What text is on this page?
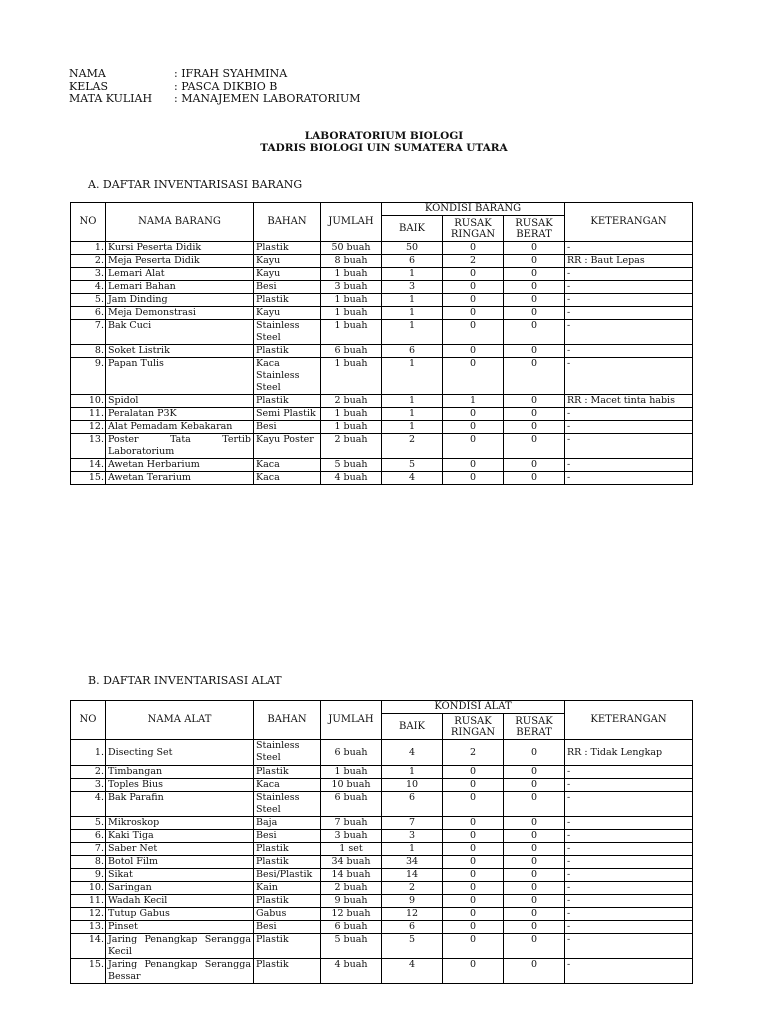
NAMA	: IFRAH SYAHMINA
KELAS	: PASCA DIKBIO B
MATA KULIAH	: MANAJEMEN LABORATORIUM
LABORATORIUM BIOLOGI
TADRIS BIOLOGI UIN SUMATERA UTARA
A. DAFTAR INVENTARISASI BARANG
NO	NAMA BARANG	BAHAN	JUMLAH	KONDISI BARANG			KETERANGAN
				BAIK	RUSAK RINGAN	RUSAK BERAT	

1.	Kursi Peserta Didik	Plastik	50 buah	50	0	0	-
2.	Meja Peserta Didik	Kayu	8 buah	6	2	0	RR : Baut Lepas
3.	Lemari Alat	Kayu	1 buah	1	0	0	-
4.	Lemari Bahan	Besi	3 buah	3	0	0	-
5.	Jam Dinding	Plastik	1 buah	1	0	0	-
6.	Meja Demonstrasi	Kayu	1 buah	1	0	0	-
7.	Bak Cuci	Stainless Steel	1 buah	1	0	0	-
8.	Soket Listrik	Plastik	6 buah	6	0	0	-
9.	Papan Tulis	Kaca Stainless Steel	1 buah	1	0	0	-
10.	Spidol	Plastik	2 buah	1	1	0	RR : Macet tinta habis
11.	Peralatan P3K	Semi Plastik	1 buah	1	0	0	-
12.	Alat Pemadam Kebakaran	Besi	1 buah	1	0	0	-
13.	Poster Tata Tertib Laboratorium	Kayu Poster	2 buah	2	0	0	-
14.	Awetan Herbarium	Kaca	5 buah	5	0	0	-
15.	Awetan Terarium	Kaca	4 buah	4	0	0	-
B. DAFTAR INVENTARISASI ALAT
NO	NAMA ALAT	BAHAN	JUMLAH	KONDISI ALAT			KETERANGAN
				BAIK	RUSAK RINGAN	RUSAK BERAT	

1.	Disecting Set	Stainless Steel	6 buah	4	2	0	RR : Tidak Lengkap
2.	Timbangan	Plastik	1 buah	1	0	0	-
3.	Toples Bius	Kaca	10 buah	10	0	0	-
4.	Bak Parafin	Stainless Steel	6 buah	6	0	0	-
5.	Mikroskop	Baja	7 buah	7	0	0	-
6.	Kaki Tiga	Besi	3 buah	3	0	0	-
7.	Saber Net	Plastik	1 set	1	0	0	-
8.	Botol Film	Plastik	34 buah	34	0	0	-
9.	Sikat	Besi/Plastik	14 buah	14	0	0	-
10.	Saringan	Kain	2 buah	2	0	0	-
11.	Wadah Kecil	Plastik	9 buah	9	0	0	-
12.	Tutup Gabus	Gabus	12 buah	12	0	0	-
13.	Pinset	Besi	6 buah	6	0	0	-
14.	Jaring Penangkap Serangga Kecil	Plastik	5 buah	5	0	0	-
15.	Jaring Penangkap Serangga Bessar	Plastik	4 buah	4	0	0	-
